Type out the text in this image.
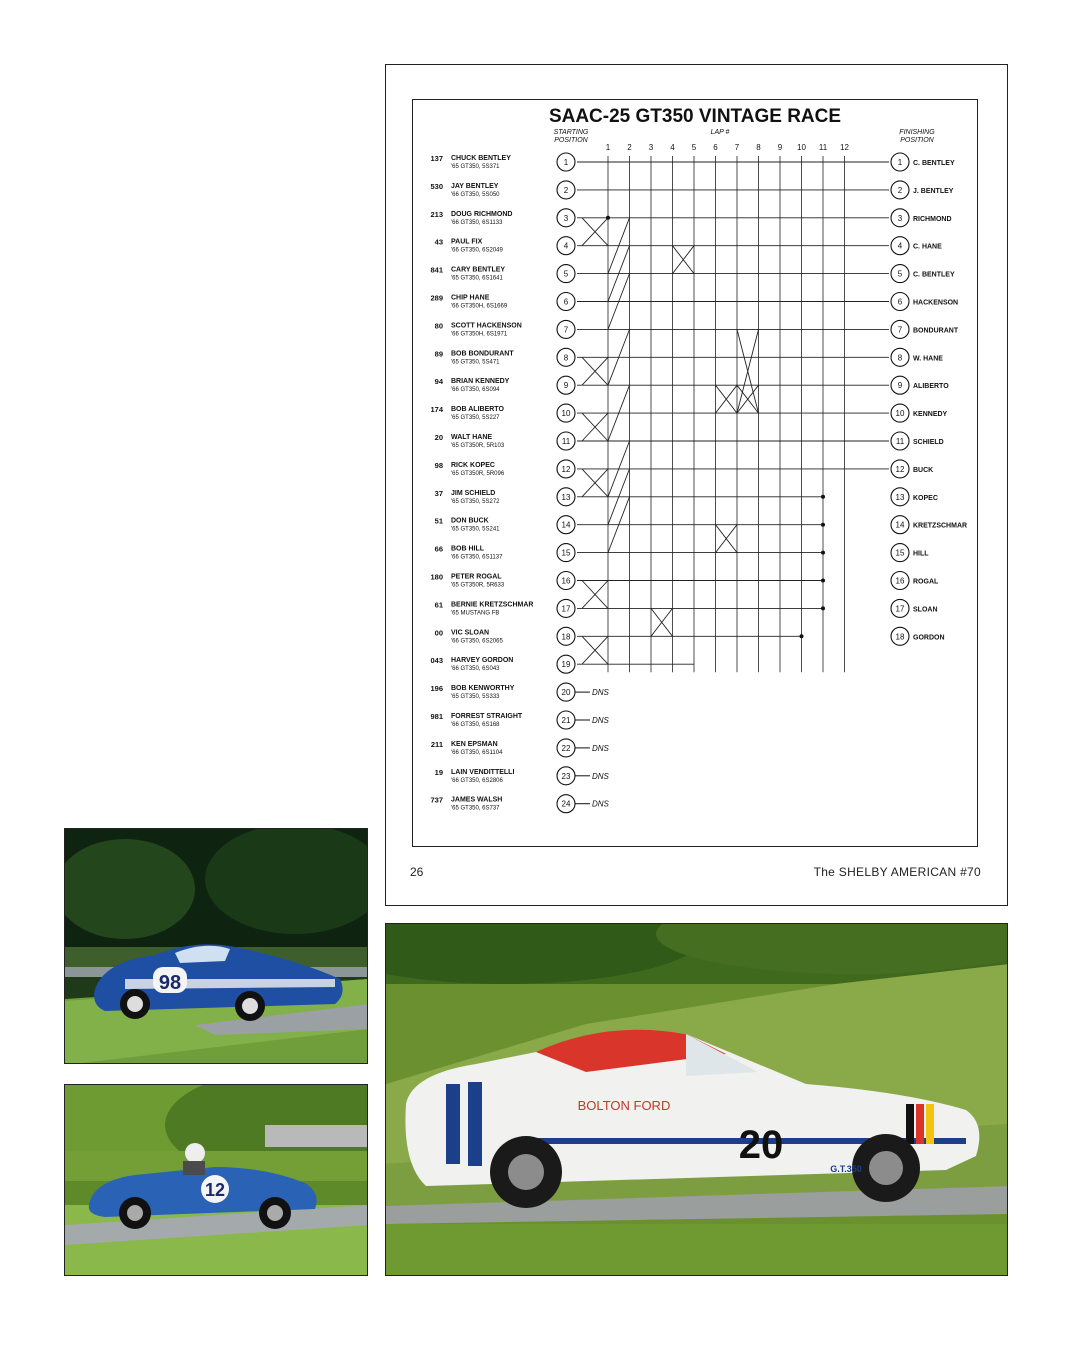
SAAC-25 GT350 VINTAGE RACE
STARTING
POSITION
LAP #	FINISHING
POSITION
1 2 3 4 5 6 7 8 9 10 11 12
137 CHUCK BENTLEY
'65 GT350, 5S371
530 JAY BENTLEY
'66 GT350, 5S050
213 DOUG RICHMOND
'66 GT350, 6S1133
43 PAUL FIX
'66 GT350, 6S2049
841 CARY BENTLEY
'65 GT350, 6S1641
289 CHIP HANE
'66 GT350H, 6S1669
80 SCOTT HACKENSON
'66 GT350H, 6S1971
89 BOB BONDURANT
'65 GT350, 5S471
94 BRIAN KENNEDY
'66 GT350, 6S094
174 BOB ALIBERTO
'65 GT350, 5S227
20 WALT HANE
'65 GT350R, 5R103
98 RICK KOPEC
'65 GT350R, 5R096
37 JIM SCHIELD
'65 GT350, 5S272
51 DON BUCK
'65 GT350, 5S241
66 BOB HILL
'66 GT350, 6S1137
180 PETER ROGAL
'65 GT350R, 5R633
61 BERNIE KRETZSCHMAR
'65 MUSTANG FB
00 VIC SLOAN
'66 GT350, 6S2065
043 HARVEY GORDON
'66 GT350, 6S043
196 BOB KENWORTHY
'65 GT350, 5S333
981 FORREST STRAIGHT
'66 GT350, 6S168
211 KEN EPSMAN
'66 GT350, 6S1104
19 LAIN VENDITTELLI
'66 GT350, 6S2806
737 JAMES WALSH
'65 GT350, 6S737
1
2
3
4
5
6
7
8
9
10
11
12
13
14
15
16
17
18
19
20
21
22
23
24
DNS
DNS
DNS
DNS
DNS
1 C. BENTLEY
2 J. BENTLEY
3 RICHMOND
4 C. HANE
5 C. BENTLEY
6 HACKENSON
7 BONDURANT
8 W. HANE
9 ALIBERTO
10 KENNEDY
11 SCHIELD
12 BUCK
13 KOPEC
14 KRETZSCHMAR
15 HILL
16 ROGAL
17 SLOAN
18 GORDON
26	The SHELBY AMERICAN #70
98
12
20
BOLTON FORD
G.T.350
